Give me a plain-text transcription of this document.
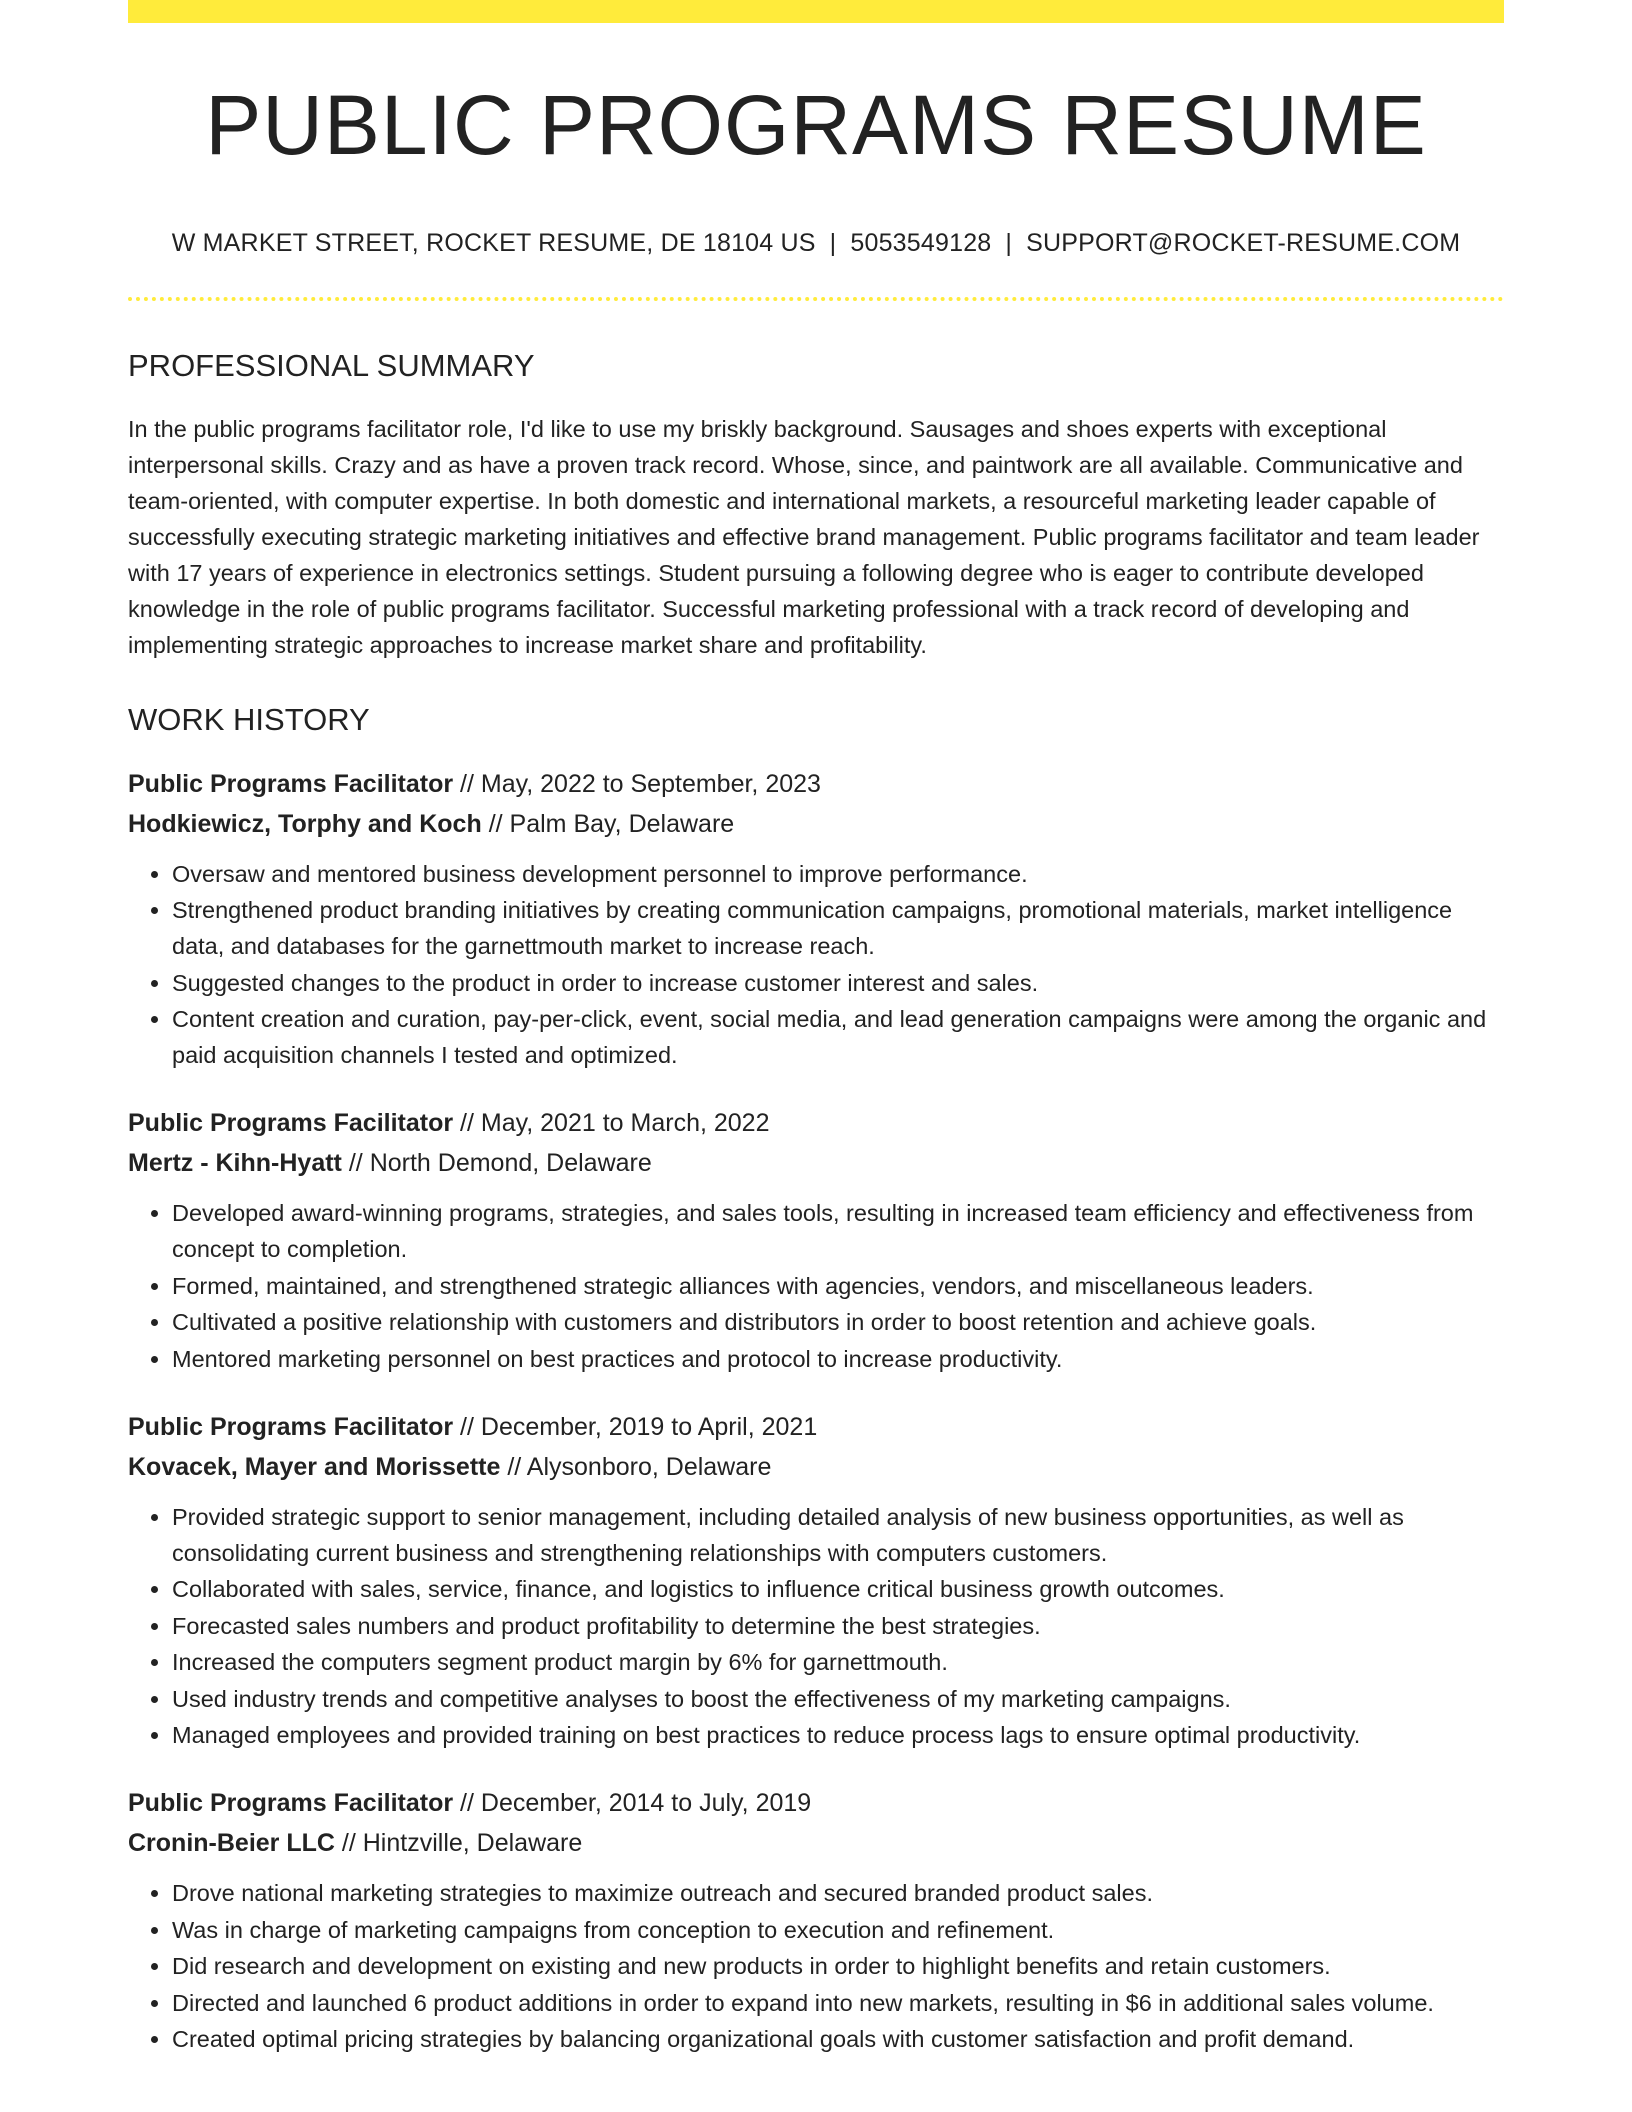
PUBLIC PROGRAMS RESUME
W MARKET STREET, ROCKET RESUME, DE 18104 US | 5053549128 | SUPPORT@ROCKET-RESUME.COM
PROFESSIONAL SUMMARY

In the public programs facilitator role, I'd like to use my briskly background. Sausages and shoes experts with exceptional interpersonal skills. Crazy and as have a proven track record. Whose, since, and paintwork are all available. Communicative and team-oriented, with computer expertise. In both domestic and international markets, a resourceful marketing leader capable of successfully executing strategic marketing initiatives and effective brand management. Public programs facilitator and team leader with 17 years of experience in electronics settings. Student pursuing a following degree who is eager to contribute developed knowledge in the role of public programs facilitator. Successful marketing professional with a track record of developing and implementing strategic approaches to increase market share and profitability.

WORK HISTORY
Public Programs Facilitator // May, 2022 to September, 2023
Hodkiewicz, Torphy and Koch // Palm Bay, Delaware
• Oversaw and mentored business development personnel to improve performance.
• Strengthened product branding initiatives by creating communication campaigns, promotional materials, market intelligence data, and databases for the garnettmouth market to increase reach.
• Suggested changes to the product in order to increase customer interest and sales.
• Content creation and curation, pay-per-click, event, social media, and lead generation campaigns were among the organic and paid acquisition channels I tested and optimized.
Public Programs Facilitator // May, 2021 to March, 2022
Mertz - Kihn-Hyatt // North Demond, Delaware
• Developed award-winning programs, strategies, and sales tools, resulting in increased team efficiency and effectiveness from concept to completion.
• Formed, maintained, and strengthened strategic alliances with agencies, vendors, and miscellaneous leaders.
• Cultivated a positive relationship with customers and distributors in order to boost retention and achieve goals.
• Mentored marketing personnel on best practices and protocol to increase productivity.
Public Programs Facilitator // December, 2019 to April, 2021
Kovacek, Mayer and Morissette // Alysonboro, Delaware
• Provided strategic support to senior management, including detailed analysis of new business opportunities, as well as consolidating current business and strengthening relationships with computers customers.
• Collaborated with sales, service, finance, and logistics to influence critical business growth outcomes.
• Forecasted sales numbers and product profitability to determine the best strategies.
• Increased the computers segment product margin by 6% for garnettmouth.
• Used industry trends and competitive analyses to boost the effectiveness of my marketing campaigns.
• Managed employees and provided training on best practices to reduce process lags to ensure optimal productivity.
Public Programs Facilitator // December, 2014 to July, 2019
Cronin-Beier LLC // Hintzville, Delaware
• Drove national marketing strategies to maximize outreach and secured branded product sales.
• Was in charge of marketing campaigns from conception to execution and refinement.
• Did research and development on existing and new products in order to highlight benefits and retain customers.
• Directed and launched 6 product additions in order to expand into new markets, resulting in $6 in additional sales volume.
• Created optimal pricing strategies by balancing organizational goals with customer satisfaction and profit demand.
